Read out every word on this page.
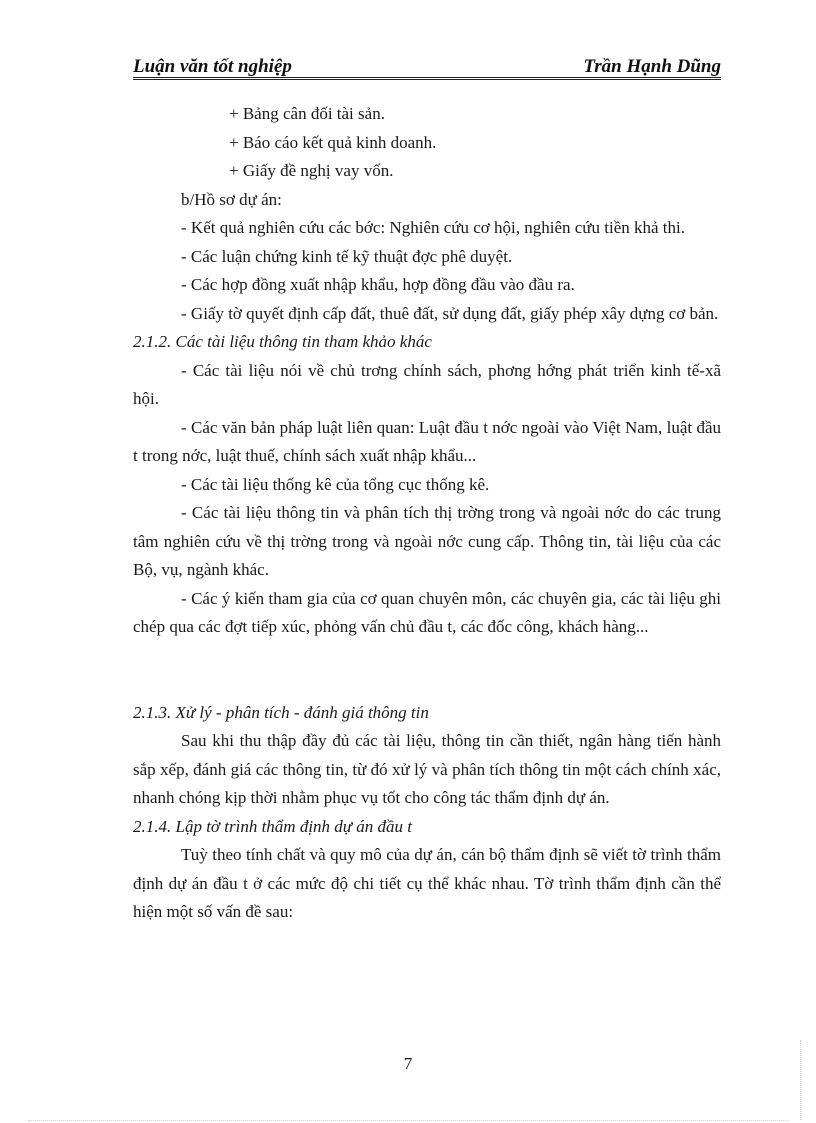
Luận văn tốt nghiệp	Trần Hạnh Dũng

+ Bảng cân đối tài sản.

+ Báo cáo kết quả kinh doanh.

+ Giấy đề nghị vay vốn.

b/Hồ sơ dự án:

- Kết quả nghiên cứu các bớc: Nghiên cứu cơ hội, nghiên cứu tiền khả thi.

- Các luận chứng kinh tế kỹ thuật đợc phê duyệt.

- Các hợp đồng xuất nhập khẩu, hợp đồng đầu vào đầu ra.

- Giấy tờ quyết định cấp đất, thuê đất, sử dụng đất, giấy phép xây dựng cơ bản.

2.1.2. Các tài liệu thông tin tham khảo khác

- Các tài liệu nói về chủ trơng chính sách, phơng hớng phát triển kinh tế-xã hội.

- Các văn bản pháp luật liên quan: Luật đầu t nớc ngoài vào Việt Nam, luật đầu t trong nớc, luật thuế, chính sách xuất nhập khẩu...

- Các tài liệu thống kê của tổng cục thống kê.

- Các tài liệu thông tin và phân tích thị trờng trong và ngoài nớc do các trung tâm nghiên cứu về thị trờng trong và ngoài nớc cung cấp. Thông tin, tài liệu của các Bộ, vụ, ngành khác.

- Các ý kiến tham gia của cơ quan chuyên môn, các chuyên gia, các tài liệu ghi chép qua các đợt tiếp xúc, phỏng vấn chủ đầu t, các đốc công, khách hàng...

2.1.3. Xử lý - phân tích - đánh giá thông tin

Sau khi thu thập đầy đủ các tài liệu, thông tin cần thiết, ngân hàng tiến hành sắp xếp, đánh giá các thông tin, từ đó xử lý và phân tích thông tin một cách chính xác, nhanh chóng kịp thời nhằm phục vụ tốt cho công tác thẩm định dự án.

2.1.4. Lập tờ trình thẩm định dự án đầu t

Tuỳ theo tính chất và quy mô của dự án, cán bộ thẩm định sẽ viết tờ trình thẩm định dự án đầu t ở các mức độ chi tiết cụ thể khác nhau. Tờ trình thẩm định cần thể hiện một số vấn đề sau:

7
